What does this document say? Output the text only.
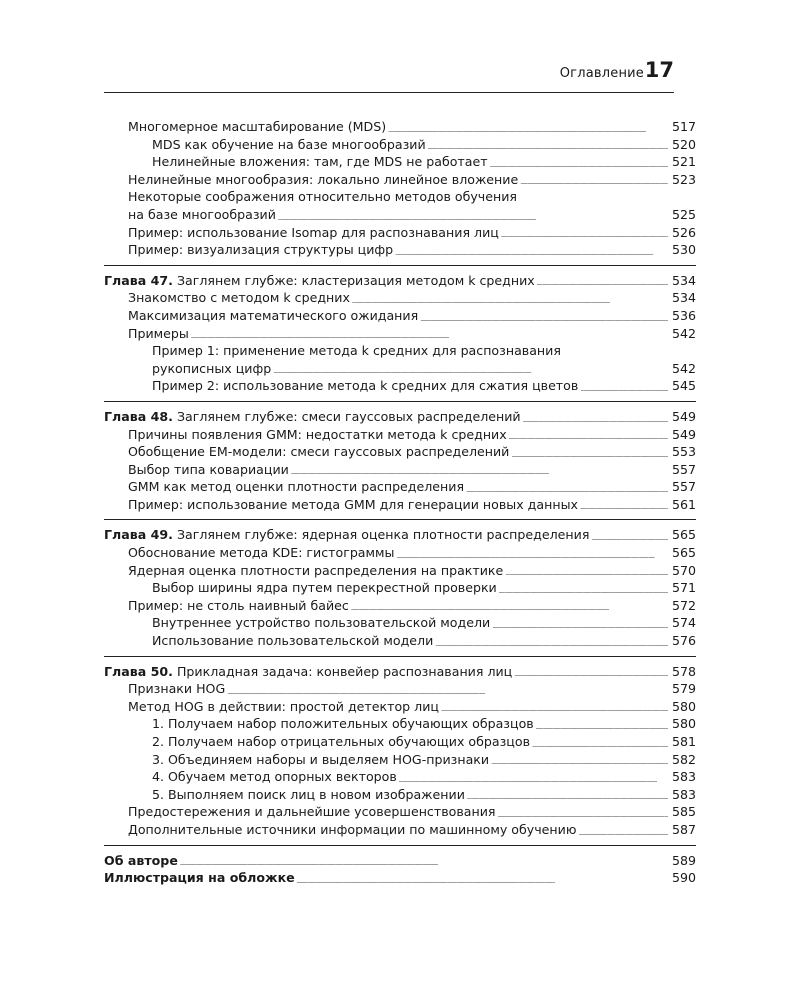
Оглавление 17
Многомерное масштабирование (MDS) . . .	517
MDS как обучение на базе многообразий . . .	520
Нелинейные вложения: там, где MDS не работает . . .	521
Нелинейные многообразия: локально линейное вложение . . .	523
Некоторые соображения относительно методов обучения
на базе многообразий . . .	525
Пример: использование Isomap для распознавания лиц . . .	526
Пример: визуализация структуры цифр . . .	530
Глава 47. Заглянем глубже: кластеризация методом k средних . . .	534
Знакомство с методом k средних . . .	534
Максимизация математического ожидания . . .	536
Примеры . . .	542
Пример 1: применение метода k средних для распознавания
рукописных цифр . . .	542
Пример 2: использование метода k средних для сжатия цветов . . .	545
Глава 48. Заглянем глубже: смеси гауссовых распределений . . .	549
Причины появления GMM: недостатки метода k средних . . .	549
Обобщение EM-модели: смеси гауссовых распределений . . .	553
Выбор типа ковариации . . .	557
GMM как метод оценки плотности распределения . . .	557
Пример: использование метода GMM для генерации новых данных . . .	561
Глава 49. Заглянем глубже: ядерная оценка плотности распределения . . .	565
Обоснование метода KDE: гистограммы . . .	565
Ядерная оценка плотности распределения на практике . . .	570
Выбор ширины ядра путем перекрестной проверки . . .	571
Пример: не столь наивный байес . . .	572
Внутреннее устройство пользовательской модели . . .	574
Использование пользовательской модели . . .	576
Глава 50. Прикладная задача: конвейер распознавания лиц . . .	578
Признаки HOG . . .	579
Метод HOG в действии: простой детектор лиц . . .	580
1. Получаем набор положительных обучающих образцов . . .	580
2. Получаем набор отрицательных обучающих образцов . . .	581
3. Объединяем наборы и выделяем HOG-признаки . . .	582
4. Обучаем метод опорных векторов . . .	583
5. Выполняем поиск лиц в новом изображении . . .	583
Предостережения и дальнейшие усовершенствования . . .	585
Дополнительные источники информации по машинному обучению . . .	587
Об авторе . . .	589
Иллюстрация на обложке . . .	590
